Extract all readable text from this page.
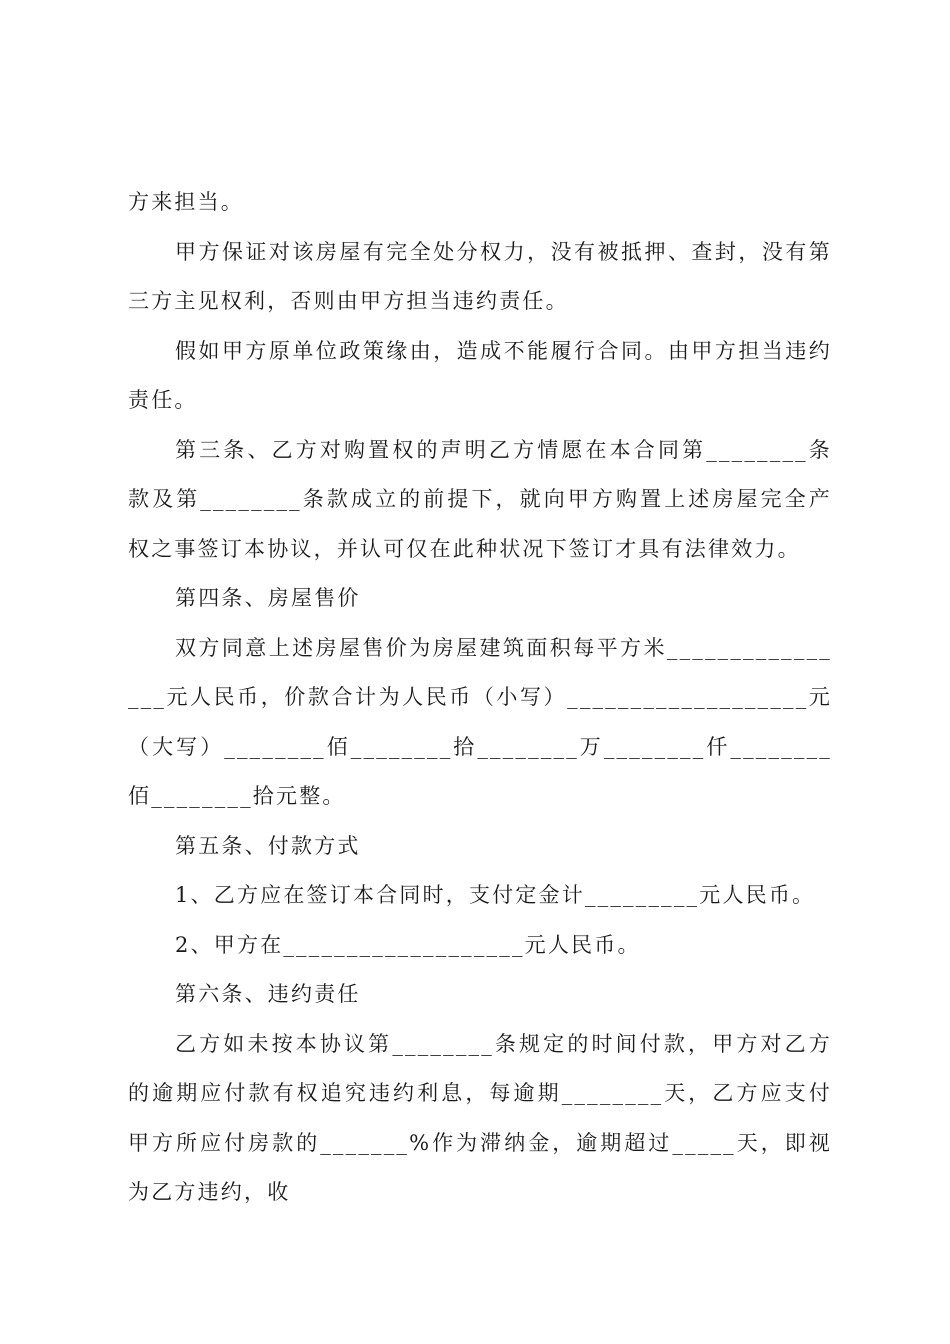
方来担当。

甲方保证对该房屋有完全处分权力，没有被抵押、查封，没有第三方主见权利，否则由甲方担当违约责任。

假如甲方原单位政策缘由，造成不能履行合同。由甲方担当违约责任。

第三条、乙方对购置权的声明乙方情愿在本合同第________条款及第________条款成立的前提下，就向甲方购置上述房屋完全产权之事签订本协议，并认可仅在此种状况下签订才具有法律效力。

第四条、房屋售价

双方同意上述房屋售价为房屋建筑面积每平方米________________元人民币，价款合计为人民币（小写）___________________元（大写）________佰________拾________万________仟________佰________拾元整。

第五条、付款方式

1、乙方应在签订本合同时，支付定金计_________元人民币。

2、甲方在___________________元人民币。

第六条、违约责任

乙方如未按本协议第________条规定的时间付款，甲方对乙方的逾期应付款有权追究违约利息，每逾期________天，乙方应支付甲方所应付房款的_______%作为滞纳金，逾期超过_____天，即视为乙方违约，收
